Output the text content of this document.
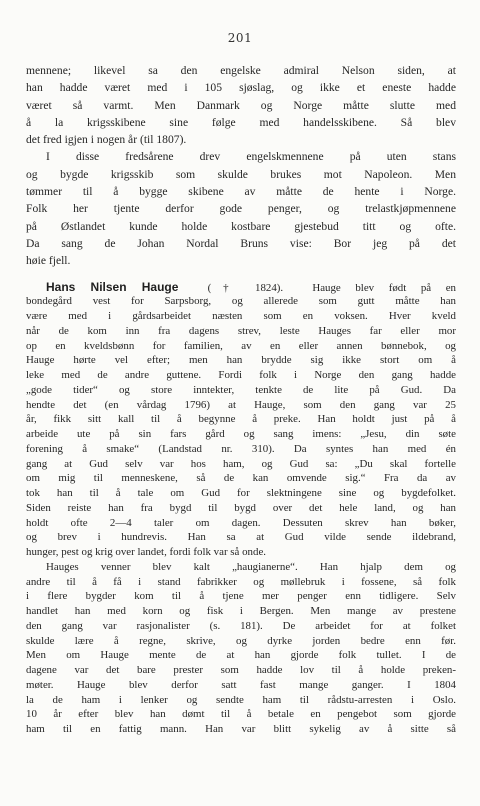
201
mennene; likevel sa den engelske admiral Nelson siden, at
han hadde været med i 105 sjøslag, og ikke et eneste hadde
været så varmt. Men Danmark og Norge måtte slutte med
å la krigsskibene sine følge med handelsskibene. Så blev
det fred igjen i nogen år (til 1807).
I disse fredsårene drev engelskmennene på uten stans
og bygde krigsskib som skulde brukes mot Napoleon. Men
tømmer til å bygge skibene av måtte de hente i Norge.
Folk her tjente derfor gode penger, og trelastkjøpmennene
på Østlandet kunde holde kostbare gjestebud titt og ofte.
Da sang de Johan Nordal Bruns vise: Bor jeg på det
høie fjell.
Hans Nilsen Hauge	(† 1824).	Hauge blev født på en
bondegård vest for Sarpsborg, og allerede som gutt måtte han
være med i gårdsarbeidet næsten som en voksen. Hver kveld
når de kom inn fra dagens strev, leste Hauges far eller mor
op en kveldsbønn for familien, av en eller annen bønnebok, og
Hauge hørte vel efter; men han brydde sig ikke stort om å
leke med de andre guttene. Fordi folk i Norge den gang hadde
„gode tider“ og store inntekter, tenkte de lite på Gud. Da
hendte det (en vårdag 1796) at Hauge, som den gang var 25
år, fikk sitt kall til å begynne å preke. Han holdt just på å
arbeide ute på sin fars gård og sang imens: „Jesu, din søte
forening å smake“ (Landstad nr. 310). Da syntes han med én
gang at Gud selv var hos ham, og Gud sa: „Du skal fortelle
om mig til menneskene, så de kan omvende sig.“ Fra da av
tok han til å tale om Gud for slektningene sine og bygdefolket.
Siden reiste han fra bygd til bygd over det hele land, og han
holdt ofte 2—4 taler om dagen. Dessuten skrev han bøker,
og brev i hundrevis. Han sa at Gud vilde sende ildebrand,
hunger, pest og krig over landet, fordi folk var så onde.
Hauges venner blev kalt „haugianerne“. Han hjalp dem og
andre til å få i stand fabrikker og møllebruk i fossene, så folk
i flere bygder kom til å tjene mer penger enn tidligere. Selv
handlet han med korn og fisk i Bergen. Men mange av prestene
den gang var rasjonalister (s. 181). De arbeidet for at folket
skulde lære å regne, skrive, og dyrke jorden bedre enn før.
Men om Hauge mente de at han gjorde folk tullet. I de
dagene var det bare prester som hadde lov til å holde preken-
møter. Hauge blev derfor satt fast mange ganger. I 1804
la de ham i lenker og sendte ham til rådstu-arresten i Oslo.
10 år efter blev han dømt til å betale en pengebot som gjorde
ham til en fattig mann. Han var blitt sykelig av å sitte så
